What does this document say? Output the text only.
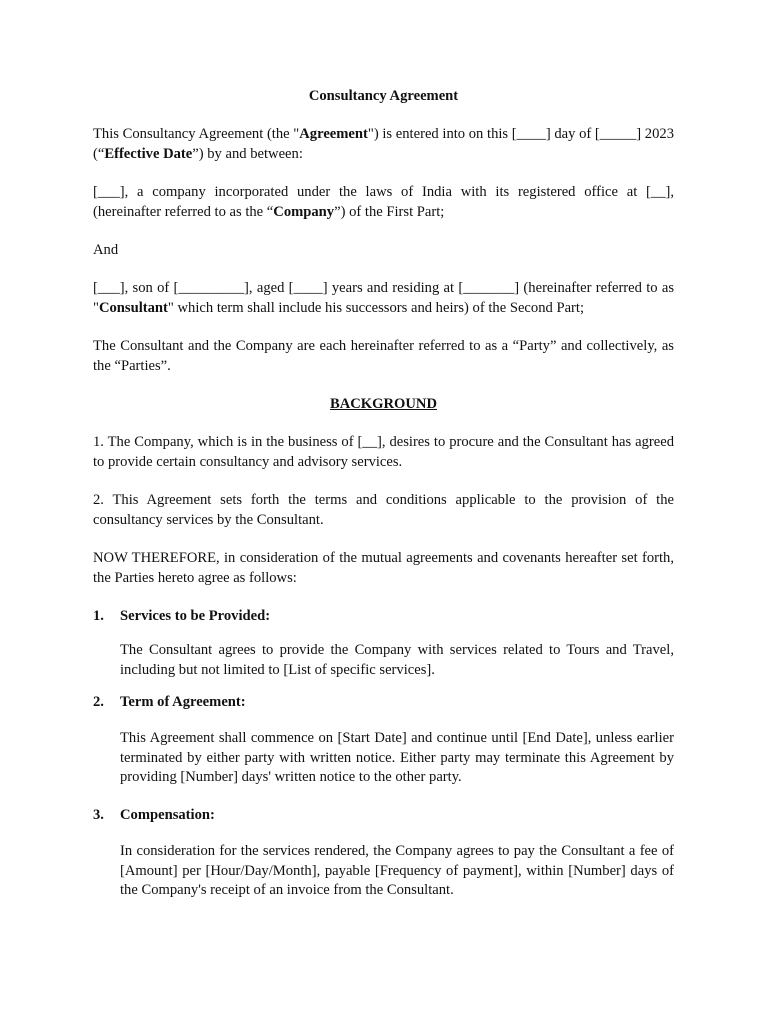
Consultancy Agreement

This Consultancy Agreement (the "Agreement") is entered into on this [____] day of [_____] 2023 (“Effective Date”) by and between:

[___], a company incorporated under the laws of India with its registered office at [__], (hereinafter referred to as the “Company”) of the First Part;

And

[___], son of [_________], aged [____] years and residing at [_______] (hereinafter referred to as "Consultant" which term shall include his successors and heirs) of the Second Part;

The Consultant and the Company are each hereinafter referred to as a “Party” and collectively, as the “Parties”.

BACKGROUND

1. The Company, which is in the business of [__], desires to procure and the Consultant has agreed to provide certain consultancy and advisory services.

2. This Agreement sets forth the terms and conditions applicable to the provision of the consultancy services by the Consultant.

NOW THEREFORE, in consideration of the mutual agreements and covenants hereafter set forth, the Parties hereto agree as follows:

1. Services to be Provided:

The Consultant agrees to provide the Company with services related to Tours and Travel, including but not limited to [List of specific services].

2. Term of Agreement:

This Agreement shall commence on [Start Date] and continue until [End Date], unless earlier terminated by either party with written notice. Either party may terminate this Agreement by providing [Number] days' written notice to the other party.

3. Compensation:

In consideration for the services rendered, the Company agrees to pay the Consultant a fee of [Amount] per [Hour/Day/Month], payable [Frequency of payment], within [Number] days of the Company's receipt of an invoice from the Consultant.
